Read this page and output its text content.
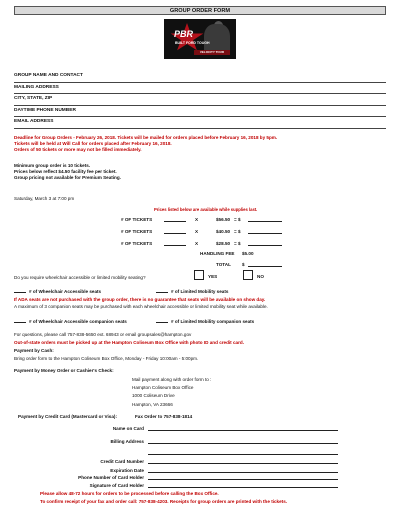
GROUP ORDER FORM
PBR
BUILT FORD TOUGH
VELOCITY TOUR
GROUP NAME AND CONTACT
MAILING ADDRESS
CITY, STATE, ZIP
DAYTIME PHONE NUMBER
EMAIL ADDRESS
Deadline for Group Orders - February 26, 2018. Tickets will be mailed for orders placed before February 16, 2018 by 5pm.
Tickets will be held at Will Call for orders placed after February 16, 2018.
Orders of 50 tickets or more may not be filled immediately.
Minimum group order is 10 tickets.
Prices below reflect $4.50 facility fee per ticket.
Group pricing not available for Premium Seating.
Saturday, March 3 at 7:00 pm
Prices listed below are available while supplies last.
# OF TICKETS	X	$56.50 = $
# OF TICKETS	X	$40.50 = $
# OF TICKETS	X	$28.50 = $
HANDLING FEE $5.00
TOTAL $
Do you require wheelchair accessible or limited mobility seating?	YES	NO
# of Wheelchair Accessible seats	# of Limited Mobility seats
If ADA seats are not purchased with the group order, there is no guarantee that seats will be available on show day.
A maximum of 3 companion seats may be purchased with each wheelchair accessible or limited mobility seat while available.
# of Wheelchair Accessible companion seats	# of Limited Mobility companion seats
For questions, please call 757-838-5650 ext. 68943 or email groupsales@hampton.gov
Out-of-state orders must be picked up at the Hampton Coliseum Box Office with photo ID and credit card.
Payment by Cash:
Bring order form to the Hampton Coliseum Box Office, Monday - Friday 10:00am - 5:00pm.
Payment by Money Order or Cashier's Check:
Mail payment along with order form to :
Hampton Coliseum Box Office
1000 Coliseum Drive
Hampton, VA 23666
Payment by Credit Card (Mastercard or Visa):	Fax Order to 757-838-1814
Name on Card
Billing Address
Credit Card Number
Expiration Date
Phone Number of Card Holder
Signature of Card Holder
Please allow 48-72 hours for orders to be processed before calling the Box Office.
To confirm receipt of your fax and order call: 757-838-4203. Receipts for group orders are printed with the tickets.
